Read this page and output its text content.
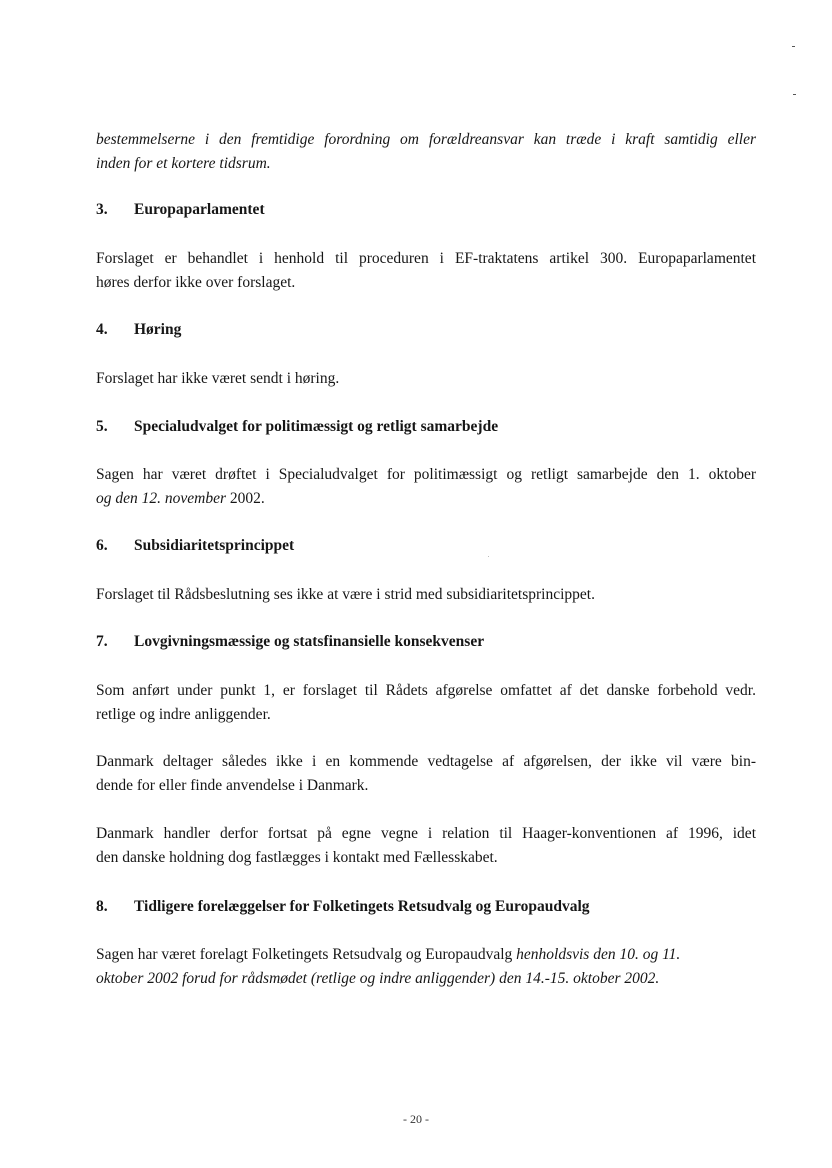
bestemmelserne i den fremtidige forordning om forældreansvar kan træde i kraft samtidig eller
inden for et kortere tidsrum.

3. Europaparlamentet

Forslaget er behandlet i henhold til proceduren i EF-traktatens artikel 300. Europaparlamentet
høres derfor ikke over forslaget.

4. Høring

Forslaget har ikke været sendt i høring.

5. Specialudvalget for politimæssigt og retligt samarbejde

Sagen har været drøftet i Specialudvalget for politimæssigt og retligt samarbejde den 1. oktober
og den 12. november 2002.

6. Subsidiaritetsprincippet

Forslaget til Rådsbeslutning ses ikke at være i strid med subsidiaritetsprincippet.

7. Lovgivningsmæssige og statsfinansielle konsekvenser

Som anført under punkt 1, er forslaget til Rådets afgørelse omfattet af det danske forbehold vedr.
retlige og indre anliggender.

Danmark deltager således ikke i en kommende vedtagelse af afgørelsen, der ikke vil være bin-
dende for eller finde anvendelse i Danmark.

Danmark handler derfor fortsat på egne vegne i relation til Haager-konventionen af 1996, idet
den danske holdning dog fastlægges i kontakt med Fællesskabet.

8. Tidligere forelæggelser for Folketingets Retsudvalg og Europaudvalg

Sagen har været forelagt Folketingets Retsudvalg og Europaudvalg henholdsvis den 10. og 11.
oktober 2002 forud for rådsmødet (retlige og indre anliggender) den 14.-15. oktober 2002.

- 20 -
